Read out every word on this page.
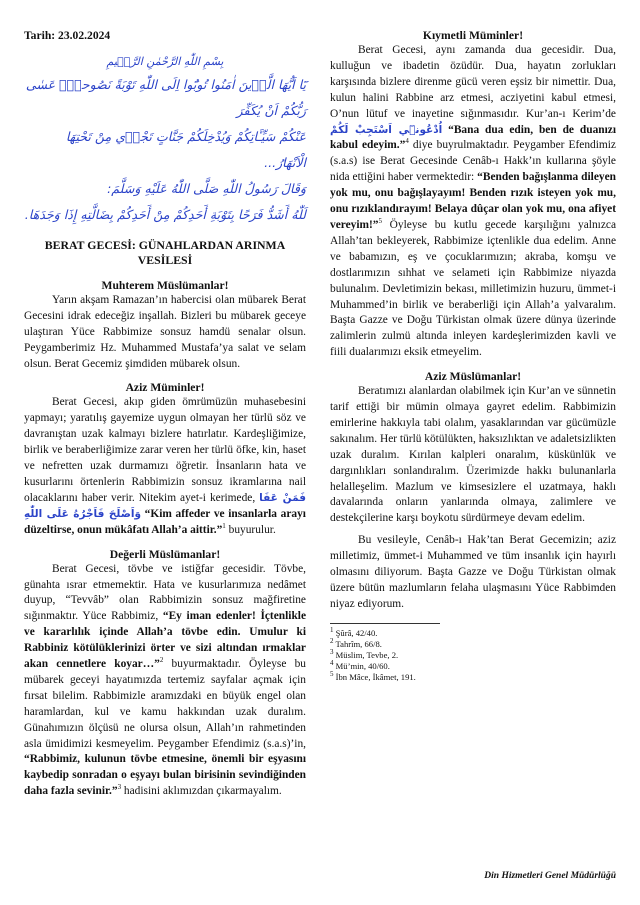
Tarih: 23.02.2024

بِسْمِ اللّٰهِ الرَّحْمٰنِ الرَّح۪يمِ

يَٓا اَيُّهَا الَّذ۪ينَ اٰمَنُوا تُوبُٓوا اِلَى اللّٰهِ تَوْبَةً نَصُوحاًۜ عَسٰى رَبُّكُمْ اَنْ يُكَفِّرَ

عَنْكُمْ سَيِّـَٔاتِكُمْ وَيُدْخِلَكُمْ جَنَّاتٍ تَجْر۪ي مِنْ تَحْتِهَا الْاَنْهَارُ...

وَقَالَ رَسُولُ اللّٰهِ صَلَّى اللّٰهُ عَلَيْهِ وَسَلَّمَ:

لَلّٰهُ أَشَدُّ فَرَحًا بِتَوْبَةِ أَحَدِكُمْ مِنْ أَحَدِكُمْ بِضَالَّتِهِ إِذَا وَجَدَهَا.

BERAT GECESİ: GÜNAHLARDAN ARINMA VESİLESİ
Muhterem Müslümanlar!

Yarın akşam Ramazan’ın habercisi olan mübarek Berat Gecesini idrak edeceğiz inşallah. Bizleri bu mübarek geceye ulaştıran Yüce Rabbimize sonsuz hamdü senalar olsun. Peygamberimiz Hz. Muhammed Mustafa’ya salat ve selam olsun. Berat Gecemiz şimdiden mübarek olsun.

Aziz Müminler!

Berat Gecesi, akıp giden ömrümüzün muhasebesini yapmayı; yaratılış gayemize uygun olmayan her türlü söz ve davranıştan uzak kalmayı bizlere hatırlatır. Kardeşliğimize, birlik ve beraberliğimize zarar veren her türlü öfke, kin, haset ve nefretten uzak durmamızı öğretir. İnsanların hata ve kusurlarını örtenlerin Rabbimizin sonsuz ikramlarına nail olacaklarını haber verir. Nitekim ayet-i kerimede, فَمَنْ عَفَا وَاَصْلَحَ فَاَجْرُهُ عَلَى اللّٰهِ “Kim affeder ve insanlarla arayı düzeltirse, onun mükâfatı Allah’a aittir.”$^1$ buyurulur.

Değerli Müslümanlar!

Berat Gecesi, tövbe ve istiğfar gecesidir. Tövbe, günahta ısrar etmemektir. Hata ve kusurlarımıza nedâmet duyup, “Tevvâb” olan Rabbimizin sonsuz mağfiretine sığınmaktır. Yüce Rabbimiz, “Ey iman edenler! İçtenlikle ve kararlılık içinde Allah’a tövbe edin. Umulur ki Rabbiniz kötülüklerinizi örter ve sizi altından ırmaklar akan cennetlere koyar…”$^2$ buyurmaktadır. Öyleyse bu mübarek geceyi hayatımızda tertemiz sayfalar açmak için fırsat bilelim. Rabbimizle aramızdaki en büyük engel olan haramlardan, kul ve kamu hakkından uzak duralım. Günahımızın ölçüsü ne olursa olsun, Allah’ın rahmetinden asla ümidimizi kesmeyelim. Peygamber Efendimiz (s.a.s)’in, “Rabbimiz, kulunun tövbe etmesine, önemli bir eşyasını kaybedip sonradan o eşyayı bulan birisinin sevindiğinden daha fazla sevinir.”$^3$ hadisini aklımızdan çıkarmayalım.

Kıymetli Müminler!

Berat Gecesi, aynı zamanda dua gecesidir. Dua, kulluğun ve ibadetin özüdür. Dua, hayatın zorlukları karşısında bizlere direnme gücü veren eşsiz bir nimettir. Dua, kulun halini Rabbine arz etmesi, acziyetini kabul etmesi, O’nun lütuf ve inayetine sığınmasıdır. Kur’an-ı Kerim’de اُدْعُون۪ٓي اَسْتَجِبْ لَكُمْ “Bana dua edin, ben de duanızı kabul edeyim.”$^4$ diye buyrulmaktadır. Peygamber Efendimiz (s.a.s) ise Berat Gecesinde Cenâb-ı Hakk’ın kullarına şöyle nida ettiğini haber vermektedir: “Benden bağışlanma dileyen yok mu, onu bağışlayayım! Benden rızık isteyen yok mu, onu rızıklandırayım! Belaya dûçar olan yok mu, ona afiyet vereyim!”$^5$ Öyleyse bu kutlu gecede karşılığını yalnızca Allah’tan bekleyerek, Rabbimize içtenlikle dua edelim. Anne ve babamızın, eş ve çocuklarımızın; akraba, komşu ve dostlarımızın sıhhat ve selameti için Rabbimize niyazda bulunalım. Devletimizin bekası, milletimizin huzuru, ümmet-i Muhammed’in birlik ve beraberliği için Allah’a yalvaralım. Başta Gazze ve Doğu Türkistan olmak üzere dünya üzerinde zalimlerin zulmü altında inleyen kardeşlerimizden kavli ve fiili dualarımızı eksik etmeyelim.

Aziz Müslümanlar!

Beratımızı alanlardan olabilmek için Kur’an ve sünnetin tarif ettiği bir mümin olmaya gayret edelim. Rabbimizin emirlerine hakkıyla tabi olalım, yasaklarından var gücümüzle sakınalım. Her türlü kötülükten, haksızlıktan ve adaletsizlikten uzak duralım. Kırılan kalpleri onaralım, küskünlük ve dargınlıkları sonlandıralım. Üzerimizde hakkı bulunanlarla helalleşelim. Mazlum ve kimsesizlere el uzatmaya, haklı davalarında onların yanlarında olmaya, zalimlere ve destekçilerine karşı boykotu sürdürmeye devam edelim.

Bu vesileyle, Cenâb-ı Hak’tan Berat Gecemizin; aziz milletimiz, ümmet-i Muhammed ve tüm insanlık için hayırlı olmasını diliyorum. Başta Gazze ve Doğu Türkistan olmak üzere bütün mazlumların felaha ulaşmasını Yüce Rabbimden niyaz ediyorum.

$^1$ Şûrâ, 42/40.
$^2$ Tahrîm, 66/8.
$^3$ Müslim, Tevbe, 2.
$^4$ Mü’min, 40/60.
$^5$ İbn Mâce, İkâmet, 191.
Din Hizmetleri Genel Müdürlüğü
